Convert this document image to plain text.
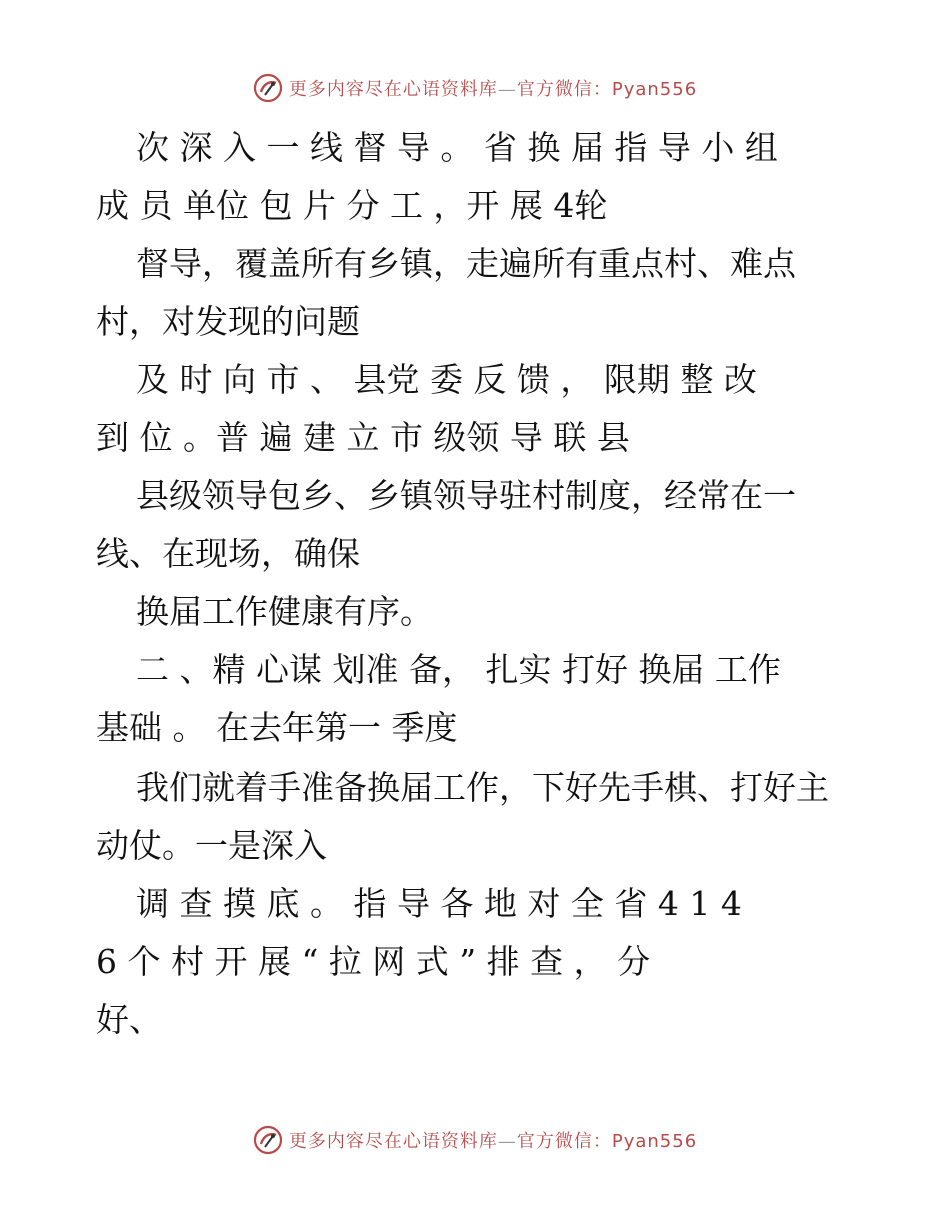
更多内容尽在心语资料库—官方微信：Pyan556
次 深 入 一 线 督 导 。 省 换 届 指 导 小 组
成 员 单位 包 片 分 工 ，开 展 4轮
督导，覆盖所有乡镇，走遍所有重点村、难点
村，对发现的问题
及 时 向 市 、 县党 委 反 馈 ， 限期 整 改
到 位 。普 遍 建 立 市 级领 导 联 县
县级领导包乡、乡镇领导驻村制度，经常在一
线、在现场，确保
换届工作健康有序。
二 、精 心谋 划准 备， 扎实 打好 换届 工作
基础 。 在去年第一 季度
我们就着手准备换届工作，下好先手棋、打好主
动仗。一是深入
调 查 摸 底 。 指 导 各 地 对 全 省 4 1 4
6 个 村 开 展 “ 拉 网 式 ” 排 查 ， 分
好、
更多内容尽在心语资料库—官方微信：Pyan556
